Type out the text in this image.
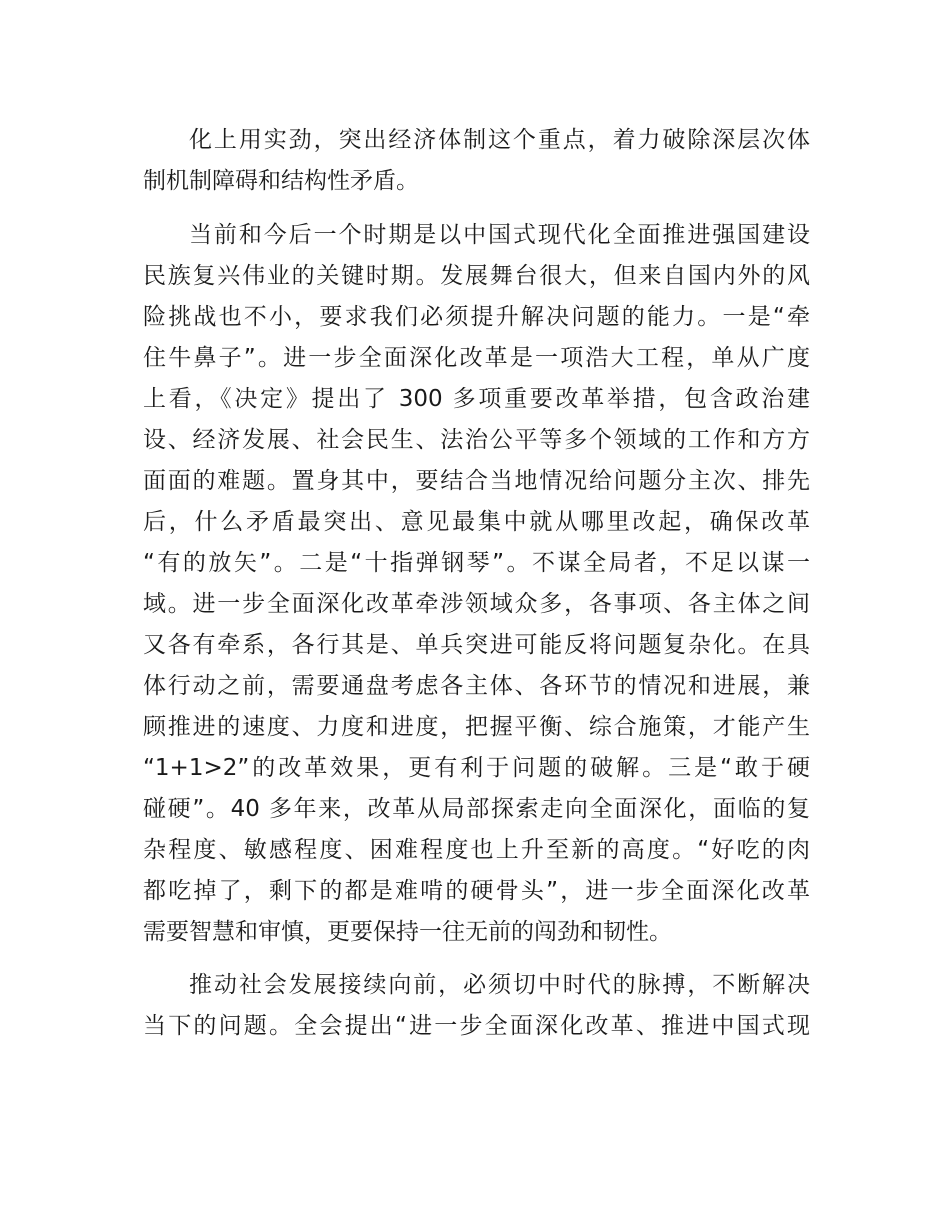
化上用实劲，突出经济体制这个重点，着力破除深层次体
制机制障碍和结构性矛盾。
当前和今后一个时期是以中国式现代化全面推进强国建设
民族复兴伟业的关键时期。发展舞台很大，但来自国内外的风
险挑战也不小，要求我们必须提升解决问题的能力。一是“牵
住牛鼻子”。进一步全面深化改革是一项浩大工程，单从广度
上看，《决定》提出了 300 多项重要改革举措，包含政治建
设、经济发展、社会民生、法治公平等多个领域的工作和方方
面面的难题。置身其中，要结合当地情况给问题分主次、排先
后，什么矛盾最突出、意见最集中就从哪里改起，确保改革
“有的放矢”。二是“十指弹钢琴”。不谋全局者，不足以谋一
域。进一步全面深化改革牵涉领域众多，各事项、各主体之间
又各有牵系，各行其是、单兵突进可能反将问题复杂化。在具
体行动之前，需要通盘考虑各主体、各环节的情况和进展，兼
顾推进的速度、力度和进度，把握平衡、综合施策，才能产生
“1+1>2”的改革效果，更有利于问题的破解。三是“敢于硬
碰硬”。40 多年来，改革从局部探索走向全面深化，面临的复
杂程度、敏感程度、困难程度也上升至新的高度。“好吃的肉
都吃掉了，剩下的都是难啃的硬骨头”，进一步全面深化改革
需要智慧和审慎，更要保持一往无前的闯劲和韧性。
推动社会发展接续向前，必须切中时代的脉搏，不断解决
当下的问题。全会提出“进一步全面深化改革、推进中国式现
